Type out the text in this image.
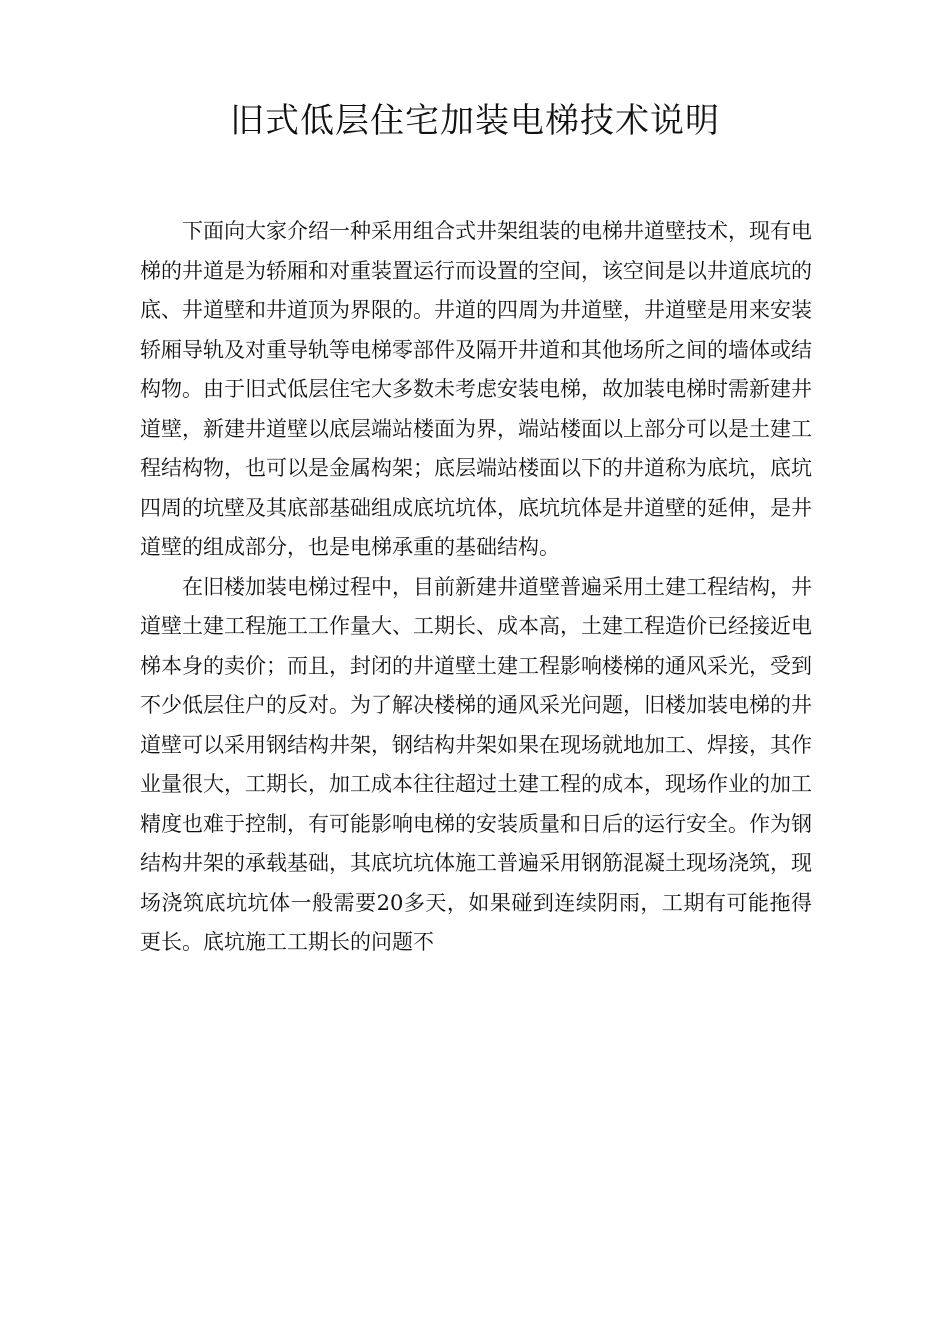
旧式低层住宅加装电梯技术说明

下面向大家介绍一种采用组合式井架组装的电梯井道壁技术，现有电梯的井道是为轿厢和对重装置运行而设置的空间，该空间是以井道底坑的底、井道壁和井道顶为界限的。井道的四周为井道壁，井道壁是用来安装轿厢导轨及对重导轨等电梯零部件及隔开井道和其他场所之间的墙体或结构物。由于旧式低层住宅大多数未考虑安装电梯，故加装电梯时需新建井道壁，新建井道壁以底层端站楼面为界，端站楼面以上部分可以是土建工程结构物，也可以是金属构架；底层端站楼面以下的井道称为底坑，底坑四周的坑壁及其底部基础组成底坑坑体，底坑坑体是井道壁的延伸，是井道壁的组成部分，也是电梯承重的基础结构。

在旧楼加装电梯过程中，目前新建井道壁普遍采用土建工程结构，井道壁土建工程施工工作量大、工期长、成本高，土建工程造价已经接近电梯本身的卖价；而且，封闭的井道壁土建工程影响楼梯的通风采光，受到不少低层住户的反对。为了解决楼梯的通风采光问题，旧楼加装电梯的井道壁可以采用钢结构井架，钢结构井架如果在现场就地加工、焊接，其作业量很大，工期长，加工成本往往超过土建工程的成本，现场作业的加工精度也难于控制，有可能影响电梯的安装质量和日后的运行安全。作为钢结构井架的承载基础，其底坑坑体施工普遍采用钢筋混凝土现场浇筑，现场浇筑底坑坑体一般需要20多天，如果碰到连续阴雨，工期有可能拖得更长。底坑施工工期长的问题不
